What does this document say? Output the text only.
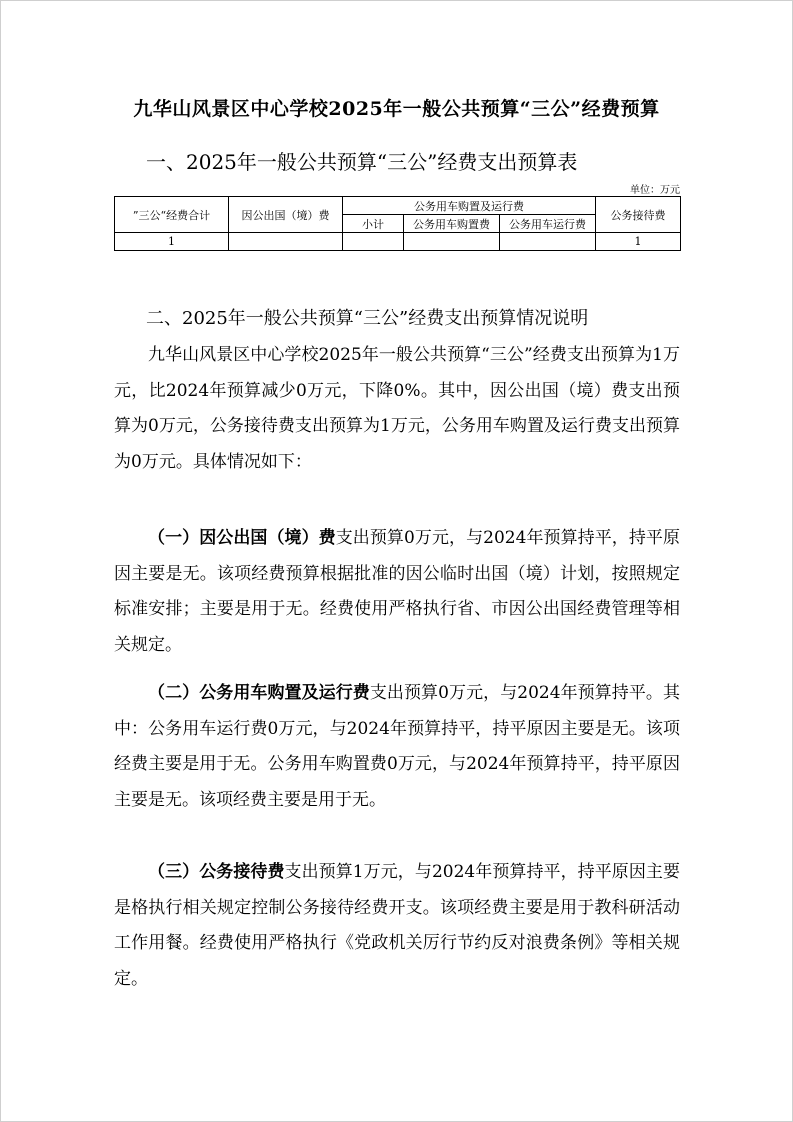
九华山风景区中心学校2025年一般公共预算“三公”经费预算
一、2025年一般公共预算“三公”经费支出预算表
单位：万元
”三公“经费合计	因公出国（境）费	公务用车购置及运行费			公务接待费
		小计	公务用车购置费	公务用车运行费	
1					1
二、2025年一般公共预算“三公”经费支出预算情况说明

九华山风景区中心学校2025年一般公共预算“三公”经费支出预算为1万元，比2024年预算减少0万元，下降0%。其中，因公出国（境）费支出预算为0万元，公务接待费支出预算为1万元，公务用车购置及运行费支出预算为0万元。具体情况如下：

（一）因公出国（境）费支出预算0万元，与2024年预算持平，持平原因主要是无。该项经费预算根据批准的因公临时出国（境）计划，按照规定标准安排；主要是用于无。经费使用严格执行省、市因公出国经费管理等相关规定。

（二）公务用车购置及运行费支出预算0万元，与2024年预算持平。其中：公务用车运行费0万元，与2024年预算持平，持平原因主要是无。该项经费主要是用于无。公务用车购置费0万元，与2024年预算持平，持平原因主要是无。该项经费主要是用于无。

（三）公务接待费支出预算1万元，与2024年预算持平，持平原因主要是格执行相关规定控制公务接待经费开支。该项经费主要是用于教科研活动工作用餐。经费使用严格执行《党政机关厉行节约反对浪费条例》等相关规定。
